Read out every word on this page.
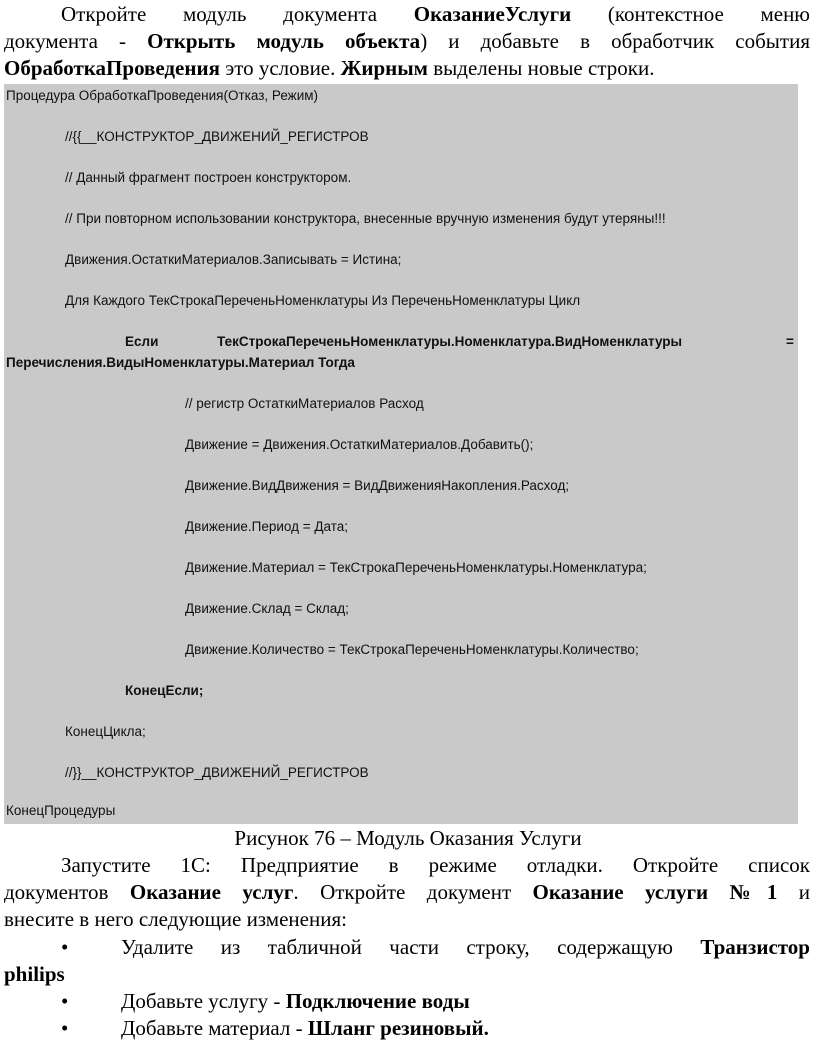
Откройте модуль документа ОказаниеУслуги (контекстное меню
документа - Открыть модуль объекта) и добавьте в обработчик события
ОбработкаПроведения это условие. Жирным выделены новые строки.
Процедура ОбработкаПроведения(Отказ, Режим)
//{{__КОНСТРУКТОР_ДВИЖЕНИЙ_РЕГИСТРОВ
// Данный фрагмент построен конструктором.
// При повторном использовании конструктора, внесенные вручную изменения будут утеряны!!!
Движения.ОстаткиМатериалов.Записывать = Истина;
Для Каждого ТекСтрокаПереченьНоменклатуры Из ПереченьНоменклатуры Цикл
Если	ТекСтрокаПереченьНоменклатуры.Номенклатура.ВидНоменклатуры	=
Перечисления.ВидыНоменклатуры.Материал Тогда
// регистр ОстаткиМатериалов Расход
Движение = Движения.ОстаткиМатериалов.Добавить();
Движение.ВидДвижения = ВидДвиженияНакопления.Расход;
Движение.Период = Дата;
Движение.Материал = ТекСтрокаПереченьНоменклатуры.Номенклатура;
Движение.Склад = Склад;
Движение.Количество = ТекСтрокаПереченьНоменклатуры.Количество;
КонецЕсли;
КонецЦикла;
//}}__КОНСТРУКТОР_ДВИЖЕНИЙ_РЕГИСТРОВ
КонецПроцедуры
Рисунок 76 – Модуль Оказания Услуги
Запустите 1С: Предприятие в режиме отладки. Откройте список
документов Оказание услуг. Откройте документ Оказание услуги №1 и
внесите в него следующие изменения:
•	Удалите из табличной части строку, содержащую Транзистор
philips
•	Добавьте услугу - Подключение воды
•	Добавьте материал - Шланг резиновый.
